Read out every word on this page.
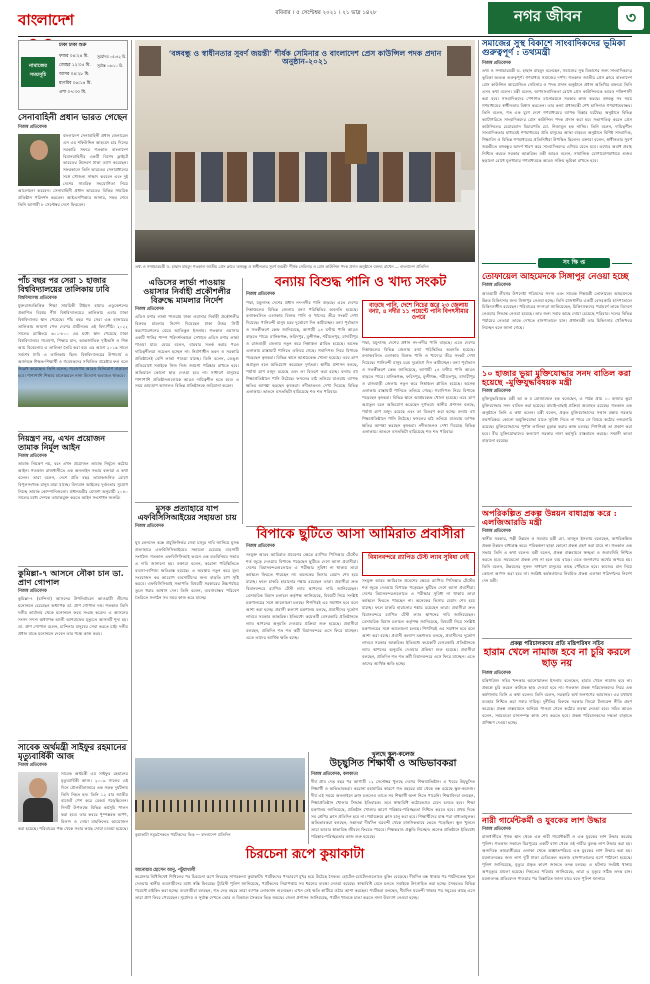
বাংলাদেশ	রবিবার । ৫ সেপ্টেম্বর ২০২১ । ২১ ভাদ্র ১৪২৮	নগর জীবন	৩
ঢাকা ঢাকা শুক্র
নামাজের
সময়সূচি
ফজর ০৪:২৪ মি.
জোহর ১২:০৫ মি.
আসর ০৪:২৮ মি.
মাগরিব ০৬:১৪ মি.
এশা ০৭:৩০ মি.
সূর্যোদয় ০৫:৪২ মি.
সূর্যাস্ত ০৬:১০ মি.
সেনাবাহিনী প্রধান ভারত গেছেন
নিজস্ব প্রতিবেদক
বাংলাদেশ সেনাবাহিনী প্রধান জেনারেল এস এম শফিউদ্দিন আহমেদ চার দিনের সরকারি সফরে গতকাল বাংলাদেশ বিমানবাহিনীর একটি বিশেষ ফ্লাইটে ভারতের উদ্দেশে ঢাকা ত্যাগ করেছেন। সফরকালে তিনি ভারতের সেনাপ্রধানের সঙ্গে সৌজন্য সাক্ষাৎ করবেন এবং দুই দেশের সামরিক সহযোগিতা নিয়ে আলোচনা করবেন। সেনাবাহিনী প্রধান ভারতের বিভিন্ন সামরিক প্রতিষ্ঠান পরিদর্শন করবেন। আইএসপিআর জানায়, সফর শেষে তিনি আগামী ৮ সেপ্টেম্বর দেশে ফিরবেন।
পাঁচ বছর পর সেরা ১ হাজার বিশ্ববিদ্যালয়ের তালিকায় ঢাবি
বিশ্ববিদ্যালয় প্রতিবেদক
যুক্তরাজ্যভিত্তিক শিক্ষা সাময়িকী টাইমস হায়ার এডুকেশনের প্রকাশিত বিশ্বের শীর্ষ বিশ্ববিদ্যালয়ের তালিকায় এবার ঢাকা বিশ্ববিদ্যালয় স্থান পেয়েছে। পাঁচ বছর পর সেরা এক হাজারের তালিকায় জায়গা পেল দেশের প্রাচীনতম এই বিদ্যাপীঠ। ২০২২ সালের র‍্যাঙ্কিংয়ে ৬০১-৮০০ এর মধ্যে স্থান পেয়েছে ঢাকা বিশ্ববিদ্যালয়। গবেষণা, শিক্ষার মান, আন্তর্জাতিক দৃষ্টিভঙ্গি ও শিল্প আয় বিবেচনায় এ তালিকা তৈরি করা হয়। এর আগে ২০১৬ সালে সর্বশেষ ঢাবি এ তালিকায় ছিল। বিশ্ববিদ্যালয়ের উপাচার্য এ অর্জনকে শিক্ষক-শিক্ষার্থী ও গবেষকদের সম্মিলিত প্রচেষ্টার ফল বলে উল্লেখ করেছেন। তিনি বলেন, গবেষণায় আরও বিনিয়োগ বাড়ানো হবে। পাশাপাশি শিক্ষার মানোন্নয়নে নানা উদ্যোগ অব্যাহত থাকবে।
নিয়ন্ত্রণ নয়, এখন প্রয়োজন তামাক নির্মূল আইন
নিজস্ব প্রতিবেদক
তামাক নিয়ন্ত্রণ নয়, বরং এখন প্রয়োজন তামাক নির্মূলে কঠোর আইন। গতকাল রাজধানীতে এক অনলাইন সভায় বক্তারা এ কথা বলেন। তারা বলেন, দেশে প্রতি বছর তামাকজনিত রোগে বিপুলসংখ্যক মানুষ মারা যাচ্ছে। বিদ্যমান আইনের দুর্বলতার সুযোগ নিচ্ছে তামাক কোম্পানিগুলো। প্রধানমন্ত্রীর ঘোষণা অনুযায়ী ২০৪০ সালের মধ্যে দেশকে তামাকমুক্ত করতে আইন সংশোধন জরুরি।
কুমিল্লা-৭ আসনে নৌকা চান ডা. প্রাণ গোপাল
নিজস্ব প্রতিবেদক
কুমিল্লা-৭ (চান্দিনা) আসনের উপনির্বাচনে আওয়ামী লীগের মনোনয়ন চেয়েছেন অধ্যাপক ডা. প্রাণ গোপাল দত্ত। গতকাল তিনি দলীয় কার্যালয় থেকে মনোনয়ন ফরম সংগ্রহ করেন। এ আসনের সংসদ সদস্য অধ্যাপক আলী আশরাফের মৃত্যুতে আসনটি শূন্য হয়। ডা. প্রাণ গোপাল বলেন, চান্দিনার মানুষের সেবা করতে চাই। দলীয় প্রধান যাকে মনোনয়ন দেবেন তার পক্ষে কাজ করব।
সাবেক অর্থমন্ত্রী সাইফুর রহমানের মৃত্যুবার্ষিকী আজ
নিজস্ব প্রতিবেদক
সাবেক অর্থমন্ত্রী এম সাইফুর রহমানের মৃত্যুবার্ষিকী আজ। ২০০৯ সালের এই দিনে মৌলভীবাজারে এক সড়ক দুর্ঘটনায় তিনি নিহত হন। তিনি ১২ বার জাতীয় বাজেট পেশ করে রেকর্ড গড়েছিলেন। দিনটি উপলক্ষে বিভিন্ন কর্মসূচি পালন করা হবে। তার কবরে পুষ্পস্তবক অর্পণ, মিলাদ ও দোয়া মাহফিলের আয়োজন করা হয়েছে। পরিবারের পক্ষ থেকে সবার কাছে দোয়া চাওয়া হয়েছে।
‘বঙ্গবন্ধু ও স্বাধীনতার সুবর্ণ জয়ন্তী’ শীর্ষক সেমিনার ও বাংলাদেশ প্রেস কাউন্সিল পদক প্রদান অনুষ্ঠান-২০২১
তথ্য ও সম্প্রচারমন্ত্রী ড. হাছান মাহমুদ গতকাল জাতীয় প্রেস ক্লাবে ‘বঙ্গবন্ধু ও স্বাধীনতার সুবর্ণ জয়ন্তী’ শীর্ষক সেমিনার ও প্রেস কাউন্সিল পদক প্রদান অনুষ্ঠানে বক্তব্য রাখেন — বাংলাদেশ প্রতিদিন
এডিসের লার্ভা পাওয়ায় ওয়াসার নির্বাহী প্রকৌশলীর বিরুদ্ধে মামলার নির্দেশ
নিজস্ব প্রতিবেদক
এডিস মশার লার্ভা পাওয়ায় ঢাকা ওয়াসার নির্বাহী প্রকৌশলীর বিরুদ্ধে মামলার নির্দেশ দিয়েছেন ঢাকা উত্তর সিটি করপোরেশনের মেয়র আতিকুল ইসলাম। গতকাল ওয়াসার একটি পানির পাম্প পরিদর্শনকালে সেখানে এডিস মশার লার্ভা পাওয়া যায়। মেয়র বলেন, বারবার সতর্ক করার পরও দায়িত্বশীলরা সচেতন হচ্ছেন না। নির্মাণাধীন ভবন ও সরকারি প্রতিষ্ঠানেই বেশি লার্ভা পাওয়া যাচ্ছে। তিনি বলেন, ডেঙ্গু প্রতিরোধে সবাইকে নিজ নিজ জায়গা পরিষ্কার রাখতে হবে। অভিযানে কোনো ছাড় দেওয়া হবে না। সাধারণ মানুষের পাশাপাশি প্রতিষ্ঠানগুলোকে আরও দায়িত্বশীল হতে হবে। এ সময় ভ্রাম্যমাণ আদালত বিভিন্ন প্রতিষ্ঠানকে জরিমানা করেন।
বন্যায় বিশুদ্ধ পানি ও খাদ্য সংকট
নিজস্ব প্রতিবেদক
পদ্মা, যমুনাসহ দেশের প্রধান নদ-নদীর পানি বাড়ছে। এতে দেশের নিম্নাঞ্চলের বিভিন্ন জেলায় বন্যা পরিস্থিতির অবনতি হয়েছে। বন্যাকবলিত এলাকায় বিশুদ্ধ পানি ও খাদ্যের তীব্র সংকট দেখা দিয়েছে। পানিবন্দী মানুষ চরম দুর্ভোগে দিন কাটাচ্ছেন। বন্যা পূর্বাভাস ও সতর্কীকরণ কেন্দ্র জানিয়েছে, আগামী ২৪ ঘণ্টায় পানি আরও বাড়তে পারে। মানিকগঞ্জ, ফরিদপুর, মুন্সীগঞ্জ, শরীয়তপুর, মাদারীপুর ও রাজবাড়ী জেলায় নতুন করে নিম্নাঞ্চল প্লাবিত হয়েছে। অনেক এলাকায় রাস্তাঘাট পানিতে তলিয়ে গেছে। গবাদিপশু নিয়ে বিপাকে পড়েছেন কৃষকরা। বিভিন্ন স্থানে আশ্রয়কেন্দ্র খোলা হয়েছে। তবে ত্রাণ অপ্রতুল বলে অভিযোগ করেছেন দুর্গতরা। স্থানীয় প্রশাসন বলছে, পর্যাপ্ত ত্রাণ মজুদ রয়েছে এবং তা বিতরণ করা হচ্ছে। বন্যায় বহু শিক্ষাপ্রতিষ্ঠানে পানি উঠেছে। ফসলের মাঠ তলিয়ে যাওয়ায় ব্যাপক ক্ষতির আশঙ্কা করছেন কৃষকরা। নদীভাঙনও দেখা দিয়েছে বিভিন্ন এলাকায়। ভাঙনে বসতভিটা হারিয়েছে শত শত পরিবার।
বাড়ছে পানি, দেশে নিচের স্তরে ২৩ জেলায় বন্যা, ৪ নদীর ১১ পয়েন্টে পানি বিপৎসীমার ওপরে
পদ্মা, যমুনাসহ দেশের প্রধান নদ-নদীর পানি বাড়ছে। এতে দেশের নিম্নাঞ্চলের বিভিন্ন জেলায় বন্যা পরিস্থিতির অবনতি হয়েছে। বন্যাকবলিত এলাকায় বিশুদ্ধ পানি ও খাদ্যের তীব্র সংকট দেখা দিয়েছে। পানিবন্দী মানুষ চরম দুর্ভোগে দিন কাটাচ্ছেন। বন্যা পূর্বাভাস ও সতর্কীকরণ কেন্দ্র জানিয়েছে, আগামী ২৪ ঘণ্টায় পানি আরও বাড়তে পারে। মানিকগঞ্জ, ফরিদপুর, মুন্সীগঞ্জ, শরীয়তপুর, মাদারীপুর ও রাজবাড়ী জেলায় নতুন করে নিম্নাঞ্চল প্লাবিত হয়েছে। অনেক এলাকায় রাস্তাঘাট পানিতে তলিয়ে গেছে। গবাদিপশু নিয়ে বিপাকে পড়েছেন কৃষকরা। বিভিন্ন স্থানে আশ্রয়কেন্দ্র খোলা হয়েছে। তবে ত্রাণ অপ্রতুল বলে অভিযোগ করেছেন দুর্গতরা। স্থানীয় প্রশাসন বলছে, পর্যাপ্ত ত্রাণ মজুদ রয়েছে এবং তা বিতরণ করা হচ্ছে। বন্যায় বহু শিক্ষাপ্রতিষ্ঠানে পানি উঠেছে। ফসলের মাঠ তলিয়ে যাওয়ায় ব্যাপক ক্ষতির আশঙ্কা করছেন কৃষকরা। নদীভাঙনও দেখা দিয়েছে বিভিন্ন এলাকায়। ভাঙনে বসতভিটা হারিয়েছে শত শত পরিবার।
মুসক প্রত্যাহারে যাপ এফবিসিসিআইয়ের সহায়তা চায়
নিজস্ব প্রতিবেদক
ঘুষ লেনদেন বন্ধে প্রযুক্তিনির্ভর সেবা চালুর দাবি জানিয়ে মুসক প্রত্যাহারে এফবিসিসিআইয়ের সহায়তা চেয়েছে ব্যবসায়ী সংগঠন। গতকাল এফবিসিসিআই ভবনে এক মতবিনিময় সভায় এ দাবি জানানো হয়। বক্তারা বলেন, করোনা পরিস্থিতিতে ব্যবসা-বাণিজ্য ক্ষতিগ্রস্ত হয়েছে। এ অবস্থায় নতুন করে মূল্য সংযোজন কর আরোপ ব্যবসায়ীদের জন্য বাড়তি চাপ সৃষ্টি করবে। এফবিসিসিআই সভাপতি বিষয়টি সরকারের উচ্চপর্যায়ে তুলে ধরার আশ্বাস দেন। তিনি বলেন, ব্যবসাবান্ধব পরিবেশ তৈরিতে সংগঠন সব সময় কাজ করে যাচ্ছে।
বিপাকে ছুটিতে আসা আমিরাত প্রবাসীরা
নিজস্ব প্রতিবেদক
সংযুক্ত আরব আমিরাত প্রবেশের ক্ষেত্রে র‍্যাপিড পিসিআর টেস্টের শর্ত জুড়ে দেওয়ায় বিপাকে পড়েছেন ছুটিতে দেশে আসা প্রবাসীরা। দেশের বিমানবন্দরগুলোতে এ পরীক্ষার সুবিধা না থাকায় তারা কর্মস্থলে ফিরতে পারছেন না। অনেকের ভিসার মেয়াদ শেষ হয়ে যাচ্ছে। ফলে চাকরি হারানোর শঙ্কায় রয়েছেন তারা। প্রবাসীরা দ্রুত বিমানবন্দরে র‍্যাপিড টেস্ট ল্যাব স্থাপনের দাবি জানিয়েছেন। বেসামরিক বিমান চলাচল কর্তৃপক্ষ জানিয়েছে, বিষয়টি নিয়ে সংশ্লিষ্ট মন্ত্রণালয়ের সঙ্গে আলোচনা চলছে। শিগগিরই এর সমাধান হবে বলে আশা করা হচ্ছে। প্রবাসী কল্যাণ মন্ত্রণালয় বলছে, প্রবাসীদের দুর্ভোগ লাঘবে সরকার আন্তরিক। ইতিমধ্যে কয়েকটি বেসরকারি প্রতিষ্ঠানকে ল্যাব স্থাপনের অনুমতি দেওয়ার প্রক্রিয়া শুরু হয়েছে। প্রবাসীরা বলছেন, প্রতিদিন শত শত কর্মী বিমানবন্দরে এসে ফিরে যাচ্ছেন। এতে তাদের আর্থিক ক্ষতি হচ্ছে।
বিমানবন্দরে র‍্যাপিড টেস্ট ল্যাব সুবিধা নেই
সংযুক্ত আরব আমিরাত প্রবেশের ক্ষেত্রে র‍্যাপিড পিসিআর টেস্টের শর্ত জুড়ে দেওয়ায় বিপাকে পড়েছেন ছুটিতে দেশে আসা প্রবাসীরা। দেশের বিমানবন্দরগুলোতে এ পরীক্ষার সুবিধা না থাকায় তারা কর্মস্থলে ফিরতে পারছেন না। অনেকের ভিসার মেয়াদ শেষ হয়ে যাচ্ছে। ফলে চাকরি হারানোর শঙ্কায় রয়েছেন তারা। প্রবাসীরা দ্রুত বিমানবন্দরে র‍্যাপিড টেস্ট ল্যাব স্থাপনের দাবি জানিয়েছেন। বেসামরিক বিমান চলাচল কর্তৃপক্ষ জানিয়েছে, বিষয়টি নিয়ে সংশ্লিষ্ট মন্ত্রণালয়ের সঙ্গে আলোচনা চলছে। শিগগিরই এর সমাধান হবে বলে আশা করা হচ্ছে। প্রবাসী কল্যাণ মন্ত্রণালয় বলছে, প্রবাসীদের দুর্ভোগ লাঘবে সরকার আন্তরিক। ইতিমধ্যে কয়েকটি বেসরকারি প্রতিষ্ঠানকে ল্যাব স্থাপনের অনুমতি দেওয়ার প্রক্রিয়া শুরু হয়েছে। প্রবাসীরা বলছেন, প্রতিদিন শত শত কর্মী বিমানবন্দরে এসে ফিরে যাচ্ছেন। এতে তাদের আর্থিক ক্ষতি হচ্ছে।
কুয়াকাটা সমুদ্রসৈকতে পর্যটকদের ভিড় — বাংলাদেশ প্রতিদিন
চিরচেনা রূপে কুয়াকাটা
আনোয়ার হোসেন আনু, পটুয়াখালী
করোনার বিধিনিষেধ শিথিলের পর চিরচেনা রূপে ফিরেছে সাগরকন্যা কুয়াকাটা। পর্যটকদের পদচারণে মুখর হয়ে উঠেছে সৈকত। হোটেল-মোটেলগুলোতে বুকিং বেড়েছে। দীর্ঘদিন বন্ধ থাকার পর পর্যটনকেন্দ্র খুলে দেওয়ায় স্থানীয় ব্যবসায়ীদের মধ্যে স্বস্তি ফিরেছে। ট্যুরিস্ট পুলিশ জানিয়েছে, পর্যটকদের নিরাপত্তায় সব ধরনের ব্যবস্থা নেওয়া হয়েছে। স্বাস্থ্যবিধি মেনে চলতে সবাইকে উৎসাহিত করা হচ্ছে। সৈকতের বিভিন্ন পয়েন্টে মাইকিং করা হচ্ছে। ব্যবসায়ীরা বলছেন, গত দেড় বছরে তারা ব্যাপক লোকসান গুনেছেন। এখন সেই ক্ষতি কাটিয়ে ওঠার আশা করছেন। পর্যটকরা বলছেন, দীর্ঘদিন ঘরবন্দী থাকার পর সমুদ্রের কাছে এসে তারা প্রাণ ফিরে পেয়েছেন। সূর্যোদয় ও সূর্যাস্ত দেখতে ভোর ও বিকালে সৈকতে ভিড় জমছে। জেলা প্রশাসন জানিয়েছে, পর্যটন খাতকে চাঙা করতে নানা উদ্যোগ নেওয়া হচ্ছে।
খুলছে স্কুল-কলেজ
উচ্ছ্বসিত শিক্ষার্থী ও অভিভাবকরা
নিজস্ব প্রতিবেদক, কলকাতা
দীর্ঘ প্রায় দেড় বছর পর আগামী ১২ সেপ্টেম্বর খুলছে দেশের শিক্ষাপ্রতিষ্ঠান। এ খবরে উচ্ছ্বসিত শিক্ষার্থী ও অভিভাবকরা। করোনা মহামারির কারণে গত বছরের মার্চ থেকে বন্ধ রয়েছে স্কুল-কলেজ। দীর্ঘ এই সময়ে অনলাইনে ক্লাস চললেও তাতে সব শিক্ষার্থী অংশ নিতে পারেনি। শিক্ষাবিদরা বলছেন, শিক্ষাপ্রতিষ্ঠান খোলার সিদ্ধান্ত ইতিবাচক। তবে স্বাস্থ্যবিধি কঠোরভাবে মেনে চলতে হবে। শিক্ষা মন্ত্রণালয় জানিয়েছে, প্রতিষ্ঠান খোলার আগে পরিষ্কার-পরিচ্ছন্নতা নিশ্চিত করতে হবে। প্রথম দিকে সব শ্রেণির ক্লাস প্রতিদিন হবে না। পর্যায়ক্রমে ক্লাস চালু করা হবে। শিক্ষার্থীদের মাস্ক পরা বাধ্যতামূলক। অভিভাবকরা বলছেন, সন্তানরা দীর্ঘদিন ঘরবন্দী থেকে মানসিকভাবে ভেঙে পড়েছিল। স্কুল খুললে তারা আবার স্বাভাবিক জীবনে ফিরতে পারবে। শিক্ষকরাও প্রস্তুতি নিচ্ছেন। অনেক প্রতিষ্ঠানে ইতিমধ্যে পরিষ্কার-পরিচ্ছন্নতার কাজ শুরু হয়েছে।
সমাজের সুস্থ বিকাশে সাংবাদিকদের ভূমিকা গুরুত্বপূর্ণ : তথ্যমন্ত্রী
নিজস্ব প্রতিবেদক
তথ্য ও সম্প্রচারমন্ত্রী ড. হাছান মাহমুদ বলেছেন, সমাজের সুস্থ বিকাশের জন্য সাংবাদিকদের ভূমিকা অত্যন্ত গুরুত্বপূর্ণ। গণমাধ্যম সমাজের দর্পণ। গতকাল জাতীয় প্রেস ক্লাবে বাংলাদেশ প্রেস কাউন্সিল আয়োজিত সেমিনার ও পদক প্রদান অনুষ্ঠানে প্রধান অতিথির বক্তব্যে তিনি এসব কথা বলেন। মন্ত্রী বলেন, অপসাংবাদিকতা রোধে প্রেস কাউন্সিলকে আরও শক্তিশালী করা হবে। সাংবাদিকদের পেশাগত মানোন্নয়নে সরকার কাজ করছে। বঙ্গবন্ধু সব সময় গণমাধ্যমের স্বাধীনতায় বিশ্বাস করতেন। তার কন্যা প্রধানমন্ত্রী শেখ হাসিনাও গণমাধ্যমবান্ধব। তিনি বলেন, গত এক যুগে দেশে গণমাধ্যমের ব্যাপক বিস্তার ঘটেছে। অনুষ্ঠানে বিভিন্ন ক্যাটাগরিতে সাংবাদিকদের প্রেস কাউন্সিল পদক প্রদান করা হয়। সভাপতিত্ব করেন প্রেস কাউন্সিলের চেয়ারম্যান বিচারপতি মো. নিজামুল হক নাসিম। তিনি বলেন, দায়িত্বশীল সাংবাদিকতার মাধ্যমেই গণমাধ্যমের প্রতি মানুষের আস্থা বাড়বে। অনুষ্ঠানে বিশিষ্ট সাংবাদিক, শিক্ষাবিদ ও বিভিন্ন গণমাধ্যমের প্রতিনিধিরা উপস্থিত ছিলেন। বক্তারা বলেন, স্বাধীনতার সুবর্ণ জয়ন্তীতে বঙ্গবন্ধুর আদর্শ ধারণ করে সাংবাদিকদের এগিয়ে যেতে হবে। তথ্যের অবাধ প্রবাহ নিশ্চিত করতে সরকার আন্তরিক। মন্ত্রী আরও বলেন, সামাজিক যোগাযোগমাধ্যমে গুজব ছড়ানো রোধে মূলধারার গণমাধ্যমকে আরও সক্রিয় ভূমিকা রাখতে হবে।
সং ক্ষি প্ত
তোফায়েল আহমেদকে সিঙ্গাপুর নেওয়া হচ্ছে
নিজস্ব প্রতিবেদক
আওয়ামী লীগের উপদেষ্টা পরিষদের সদস্য এবং সাবেক শিল্পমন্ত্রী তোফায়েল আহমেদকে উন্নত চিকিৎসার জন্য সিঙ্গাপুর নেওয়া হচ্ছে। তিনি রাজধানীর একটি বেসরকারি হাসপাতালে চিকিৎসাধীন রয়েছেন। পরিবারের সদস্যরা জানিয়েছেন, চিকিৎসকদের পরামর্শে তাকে বিদেশে নেওয়ার সিদ্ধান্ত নেওয়া হয়েছে। তার জন্য সবার কাছে দোয়া চেয়েছে পরিবার। দলের বিভিন্ন পর্যায়ের নেতারা তাকে দেখতে হাসপাতালে যান। প্রধানমন্ত্রী তার চিকিৎসার খোঁজখবর নিচ্ছেন বলে জানা গেছে।
১০ হাজার ভুয়া মুক্তিযোদ্ধার সনদ বাতিল করা হয়েছে -মুক্তিযুদ্ধবিষয়ক মন্ত্রী
নিজস্ব প্রতিবেদক
মুক্তিযুদ্ধবিষয়ক মন্ত্রী আ ক ম মোজাম্মেল হক বলেছেন, এ পর্যন্ত প্রায় ১০ হাজার ভুয়া মুক্তিযোদ্ধার সনদ বাতিল করা হয়েছে। যাচাই-বাছাই প্রক্রিয়া অব্যাহত রয়েছে। গতকাল এক অনুষ্ঠানে তিনি এ কথা বলেন। মন্ত্রী বলেন, প্রকৃত মুক্তিযোদ্ধাদের সম্মান রক্ষায় সরকার বদ্ধপরিকর। কোনো অমুক্তিযোদ্ধা যাতে সুবিধা নিতে না পারে সে বিষয়ে কঠোর নজরদারি রয়েছে। মুক্তিযোদ্ধাদের পূর্ণাঙ্গ তালিকা চূড়ান্ত করার কাজ চলছে। শিগগিরই তা প্রকাশ করা হবে। বীর মুক্তিযোদ্ধাদের কল্যাণে সরকার নানা কর্মসূচি বাস্তবায়ন করছে। সম্মানী ভাতা বাড়ানো হয়েছে।
অপরিকল্পিত প্রকল্প উন্নয়ন বাধাগ্রস্ত করে : এলজিআরডি মন্ত্রী
নিজস্ব প্রতিবেদক
স্থানীয় সরকার, পল্লী উন্নয়ন ও সমবায় মন্ত্রী মো. তাজুল ইসলাম বলেছেন, অপরিকল্পিত প্রকল্প উন্নয়ন বাধাগ্রস্ত করে। পরিকল্পনা ছাড়া কোনো প্রকল্প গ্রহণ করা যাবে না। গতকাল এক সভায় তিনি এ কথা বলেন। মন্ত্রী বলেন, প্রকল্প বাস্তবায়নে স্বচ্ছতা ও জবাবদিহি নিশ্চিত করতে হবে। সময়মতো প্রকল্প শেষ না হলে ব্যয় বাড়ে। এতে জনগণের অর্থের অপচয় হয়। তিনি বলেন, উন্নয়নের সুফল সাধারণ মানুষের কাছে পৌঁছাতে হবে। কাজের মান নিয়ে কোনো আপস করা হবে না। সংশ্লিষ্ট কর্মকর্তাদের নিয়মিত প্রকল্প এলাকা পরিদর্শনের নির্দেশ দেন মন্ত্রী।
প্রকল্প পরিচালকদের প্রতি মন্ত্রিপরিষদ সচিব
হারাম খেলে নামাজ হবে না চুরি করলে ছাড় নয়
নিজস্ব প্রতিবেদক
মন্ত্রিপরিষদ সচিব খন্দকার আনোয়ারুল ইসলাম বলেছেন, হারাম খেলে নামাজ হবে না। প্রকল্পে চুরি করলে কাউকে ছাড় দেওয়া হবে না। গতকাল প্রকল্প পরিচালকদের নিয়ে এক কর্মশালায় তিনি এ কথা বলেন। তিনি বলেন, সরকারি অর্থ জনগণের আমানত। এর যথাযথ ব্যবহার নিশ্চিত করা সবার দায়িত্ব। দুর্নীতির বিরুদ্ধে সরকার জিরো টলারেন্স নীতি গ্রহণ করেছে। প্রকল্প বাস্তবায়নে অনিয়ম পাওয়া গেলে কঠোর ব্যবস্থা নেওয়া হবে। সচিব আরও বলেন, সময়মতো মানসম্পন্ন কাজ শেষ করতে হবে। প্রকল্প পরিচালকদের দক্ষতা বাড়াতে প্রশিক্ষণ দেওয়া হচ্ছে।
নারী গার্মেন্টকর্মী ও যুবকের লাশ উদ্ধার
নিজস্ব প্রতিবেদক
রাজধানীতে পৃথক স্থান থেকে এক নারী গার্মেন্টকর্মী ও এক যুবকের লাশ উদ্ধার করেছে পুলিশ। গতকাল সকালে মিরপুরের একটি বাসা থেকে ওই নারীর ঝুলন্ত লাশ উদ্ধার করা হয়। অন্যদিকে কামরাঙ্গীরচর এলাকা থেকে অজ্ঞাতপরিচয় এক যুবকের লাশ উদ্ধার করা হয়। ময়নাতদন্তের জন্য লাশ দুটি ঢাকা মেডিকেল কলেজ হাসপাতালের মর্গে পাঠানো হয়েছে। পুলিশ জানিয়েছে, মৃত্যুর প্রকৃত কারণ জানতে তদন্ত চলছে। এ ঘটনায় সংশ্লিষ্ট থানায় অপমৃত্যুর মামলা হয়েছে। নিহতের পরিবার জানিয়েছে, তারা এ মৃত্যুর সঠিক তদন্ত চান। ময়নাতদন্ত প্রতিবেদন পাওয়ার পর বিস্তারিত জানা যাবে বলে পুলিশ জানায়।
